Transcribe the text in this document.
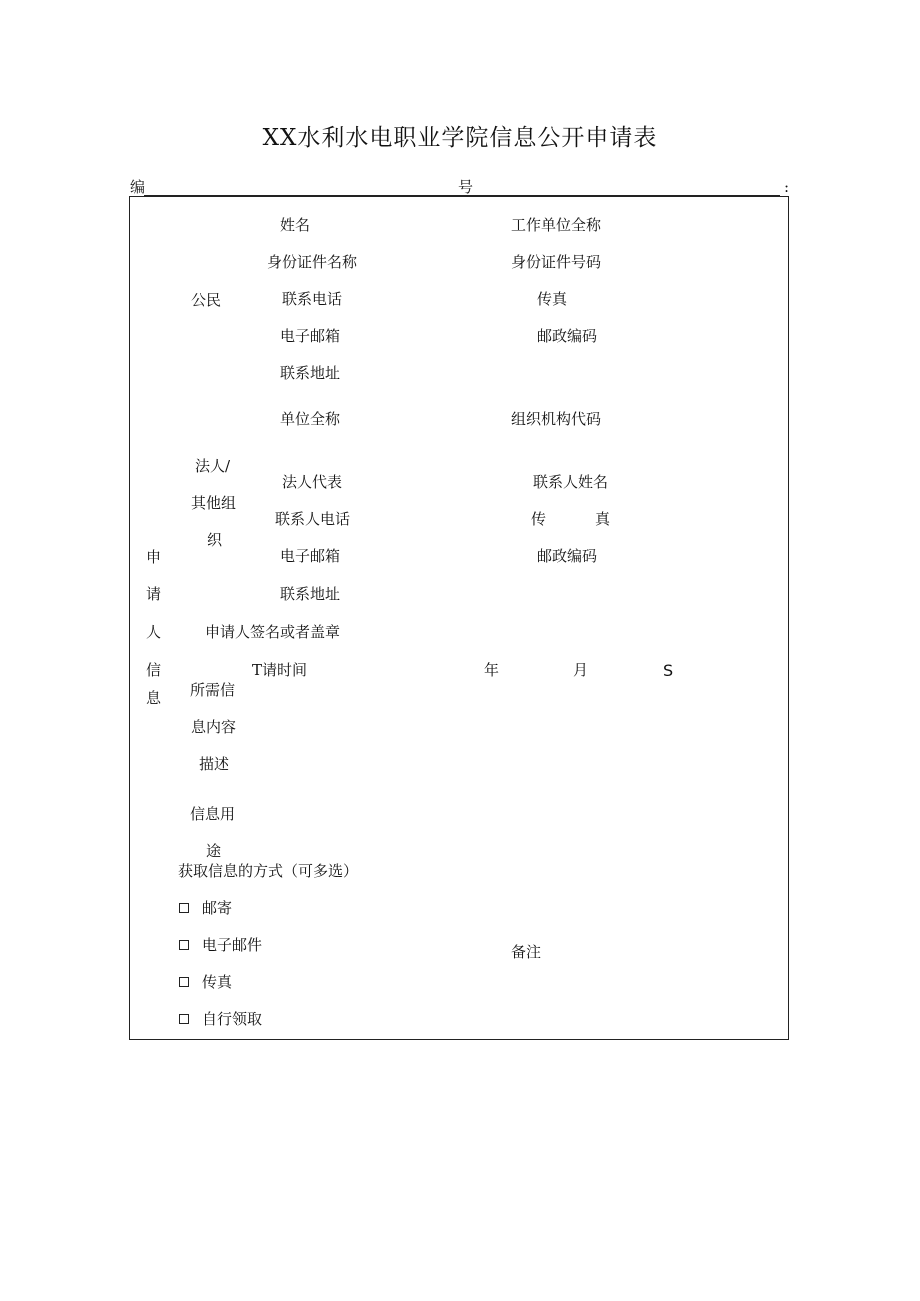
XX水利水电职业学院信息公开申请表
编	号	:
申
请
人
信
息
公民
姓名	工作单位全称
身份证件名称	身份证件号码
联系电话	传真
电子邮箱	邮政编码
联系地址
法人/
其他组
织
单位全称	组织机构代码
法人代表	联系人姓名
联系人电话	传	真
电子邮箱	邮政编码
联系地址
申请人签名或者盖章
T请时间	年	月	S
所需信
息内容
描述
信息用
途
获取信息的方式（可多选）
邮寄
电子邮件
传真
自行领取
备注
